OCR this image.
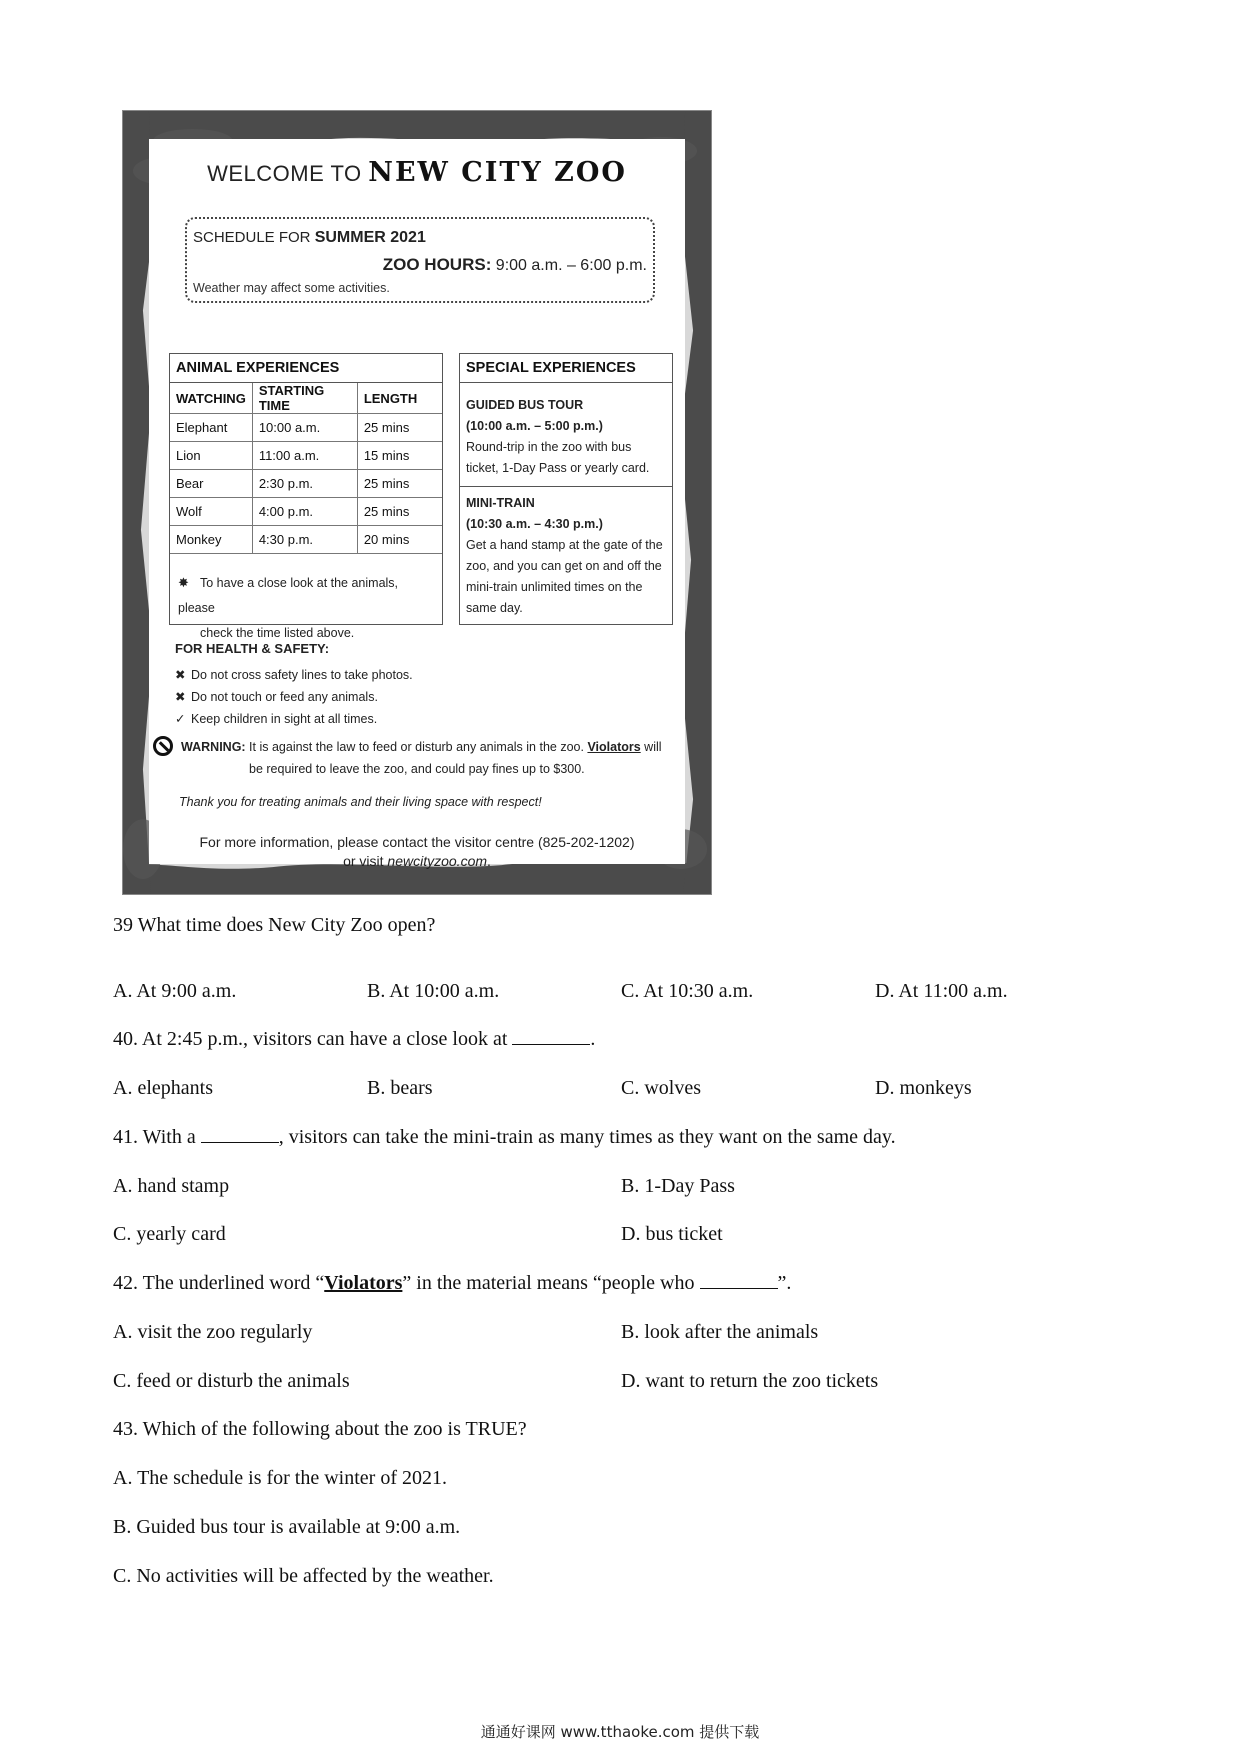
WELCOME TO NEW CITY ZOO
SCHEDULE FOR SUMMER 2021
ZOO HOURS: 9:00 a.m. – 6:00 p.m.
Weather may affect some activities.
ANIMAL EXPERIENCES
WATCHING	STARTING TIME	LENGTH
Elephant	10:00 a.m.	25 mins
Lion	11:00 a.m.	15 mins
Bear	2:30 p.m.	25 mins
Wolf	4:00 p.m.	25 mins
Monkey	4:30 p.m.	20 mins
✸ To have a close look at the animals, please
check the time listed above.
SPECIAL EXPERIENCES
GUIDED BUS TOUR
(10:00 a.m. – 5:00 p.m.)
Round-trip in the zoo with bus ticket, 1-Day Pass or yearly card.
MINI-TRAIN
(10:30 a.m. – 4:30 p.m.)
Get a hand stamp at the gate of the zoo, and you can get on and off the mini-train unlimited times on the same day.
FOR HEALTH & SAFETY:
✖ Do not cross safety lines to take photos.
✖ Do not touch or feed any animals.
✓ Keep children in sight at all times.
WARNING: It is against the law to feed or disturb any animals in the zoo. Violators will
be required to leave the zoo, and could pay fines up to $300.
Thank you for treating animals and their living space with respect!
For more information, please contact the visitor centre (825-202-1202)
or visit newcityzoo.com.
39 What time does New City Zoo open?
A. At 9:00 a.m.	B. At 10:00 a.m.	C. At 10:30 a.m.	D. At 11:00 a.m.
40. At 2:45 p.m., visitors can have a close look at	.
A. elephants	B. bears	C. wolves	D. monkeys
41. With a	, visitors can take the mini-train as many times as they want on the same day.
A. hand stamp	B. 1-Day Pass
C. yearly card	D. bus ticket
42. The underlined word “Violators” in the material means “people who	”.
A. visit the zoo regularly	B. look after the animals
C. feed or disturb the animals	D. want to return the zoo tickets
43. Which of the following about the zoo is TRUE?
A. The schedule is for the winter of 2021.
B. Guided bus tour is available at 9:00 a.m.
C. No activities will be affected by the weather.
通通好课网 www.tthaoke.com 提供下载
